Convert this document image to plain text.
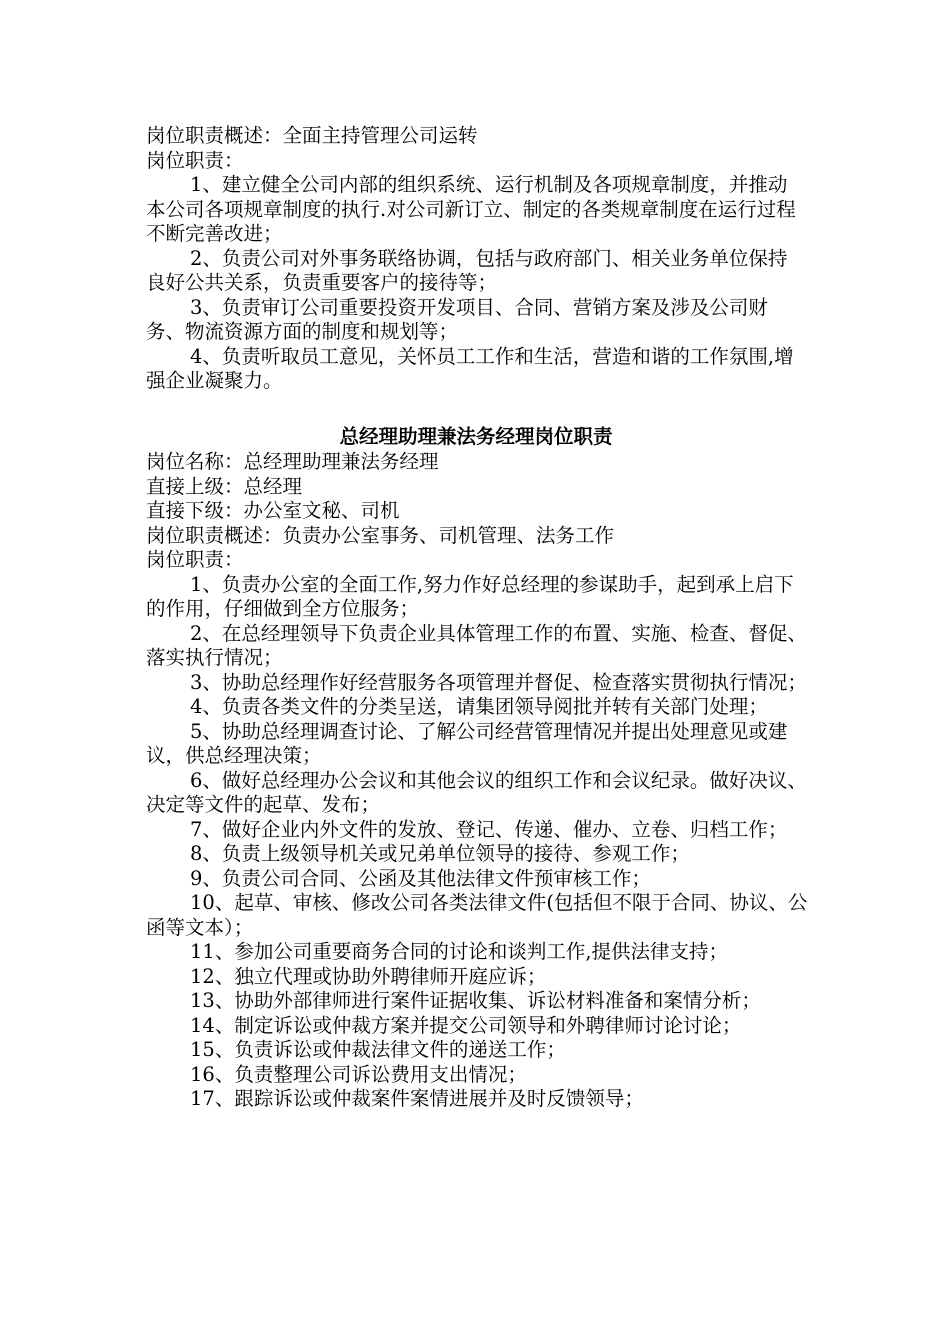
岗位职责概述：全面主持管理公司运转
岗位职责：
1、建立健全公司内部的组织系统、运行机制及各项规章制度，并推动本公司各项规章制度的执行.对公司新订立、制定的各类规章制度在运行过程不断完善改进；
2、负责公司对外事务联络协调，包括与政府部门、相关业务单位保持良好公共关系，负责重要客户的接待等；
3、负责审订公司重要投资开发项目、合同、营销方案及涉及公司财务、物流资源方面的制度和规划等；
4、负责听取员工意见，关怀员工工作和生活，营造和谐的工作氛围,增强企业凝聚力。
总经理助理兼法务经理岗位职责
岗位名称：总经理助理兼法务经理
直接上级：总经理
直接下级：办公室文秘、司机
岗位职责概述：负责办公室事务、司机管理、法务工作
岗位职责：
1、负责办公室的全面工作,努力作好总经理的参谋助手，起到承上启下的作用，仔细做到全方位服务；
2、在总经理领导下负责企业具体管理工作的布置、实施、检查、督促、落实执行情况；
3、协助总经理作好经营服务各项管理并督促、检查落实贯彻执行情况；
4、负责各类文件的分类呈送，请集团领导阅批并转有关部门处理；
5、协助总经理调查讨论、了解公司经营管理情况并提出处理意见或建议，供总经理决策；
6、做好总经理办公会议和其他会议的组织工作和会议纪录。做好决议、决定等文件的起草、发布；
7、做好企业内外文件的发放、登记、传递、催办、立卷、归档工作；
8、负责上级领导机关或兄弟单位领导的接待、参观工作；
9、负责公司合同、公函及其他法律文件预审核工作；
10、起草、审核、修改公司各类法律文件(包括但不限于合同、协议、公函等文本）；
11、参加公司重要商务合同的讨论和谈判工作,提供法律支持；
12、独立代理或协助外聘律师开庭应诉；
13、协助外部律师进行案件证据收集、诉讼材料准备和案情分析；
14、制定诉讼或仲裁方案并提交公司领导和外聘律师讨论讨论；
15、负责诉讼或仲裁法律文件的递送工作；
16、负责整理公司诉讼费用支出情况；
17、跟踪诉讼或仲裁案件案情进展并及时反馈领导；
